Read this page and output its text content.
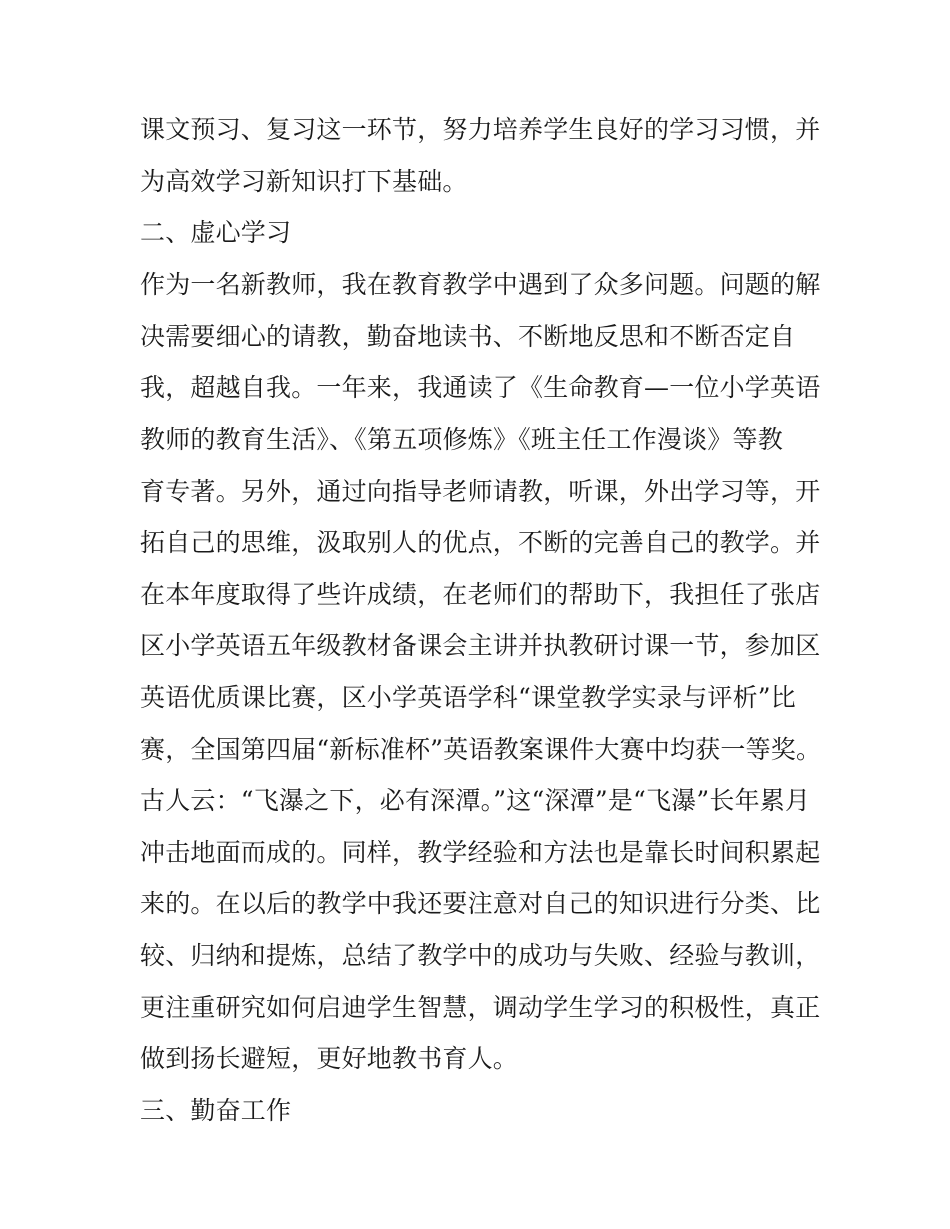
课文预习、复习这一环节，努力培养学生良好的学习习惯，并
为高效学习新知识打下基础。
二、虚心学习
作为一名新教师，我在教育教学中遇到了众多问题。问题的解
决需要细心的请教，勤奋地读书、不断地反思和不断否定自
我，超越自我。一年来，我通读了《生命教育—一位小学英语
教师的教育生活》、《第五项修炼》《班主任工作漫谈》等教
育专著。另外，通过向指导老师请教，听课，外出学习等，开
拓自己的思维，汲取别人的优点，不断的完善自己的教学。并
在本年度取得了些许成绩，在老师们的帮助下，我担任了张店
区小学英语五年级教材备课会主讲并执教研讨课一节，参加区
英语优质课比赛，区小学英语学科“课堂教学实录与评析”比
赛，全国第四届“新标准杯”英语教案课件大赛中均获一等奖。
古人云：“飞瀑之下，必有深潭。”这“深潭”是“飞瀑”长年累月
冲击地面而成的。同样，教学经验和方法也是靠长时间积累起
来的。在以后的教学中我还要注意对自己的知识进行分类、比
较、归纳和提炼，总结了教学中的成功与失败、经验与教训，
更注重研究如何启迪学生智慧，调动学生学习的积极性，真正
做到扬长避短，更好地教书育人。
三、勤奋工作
